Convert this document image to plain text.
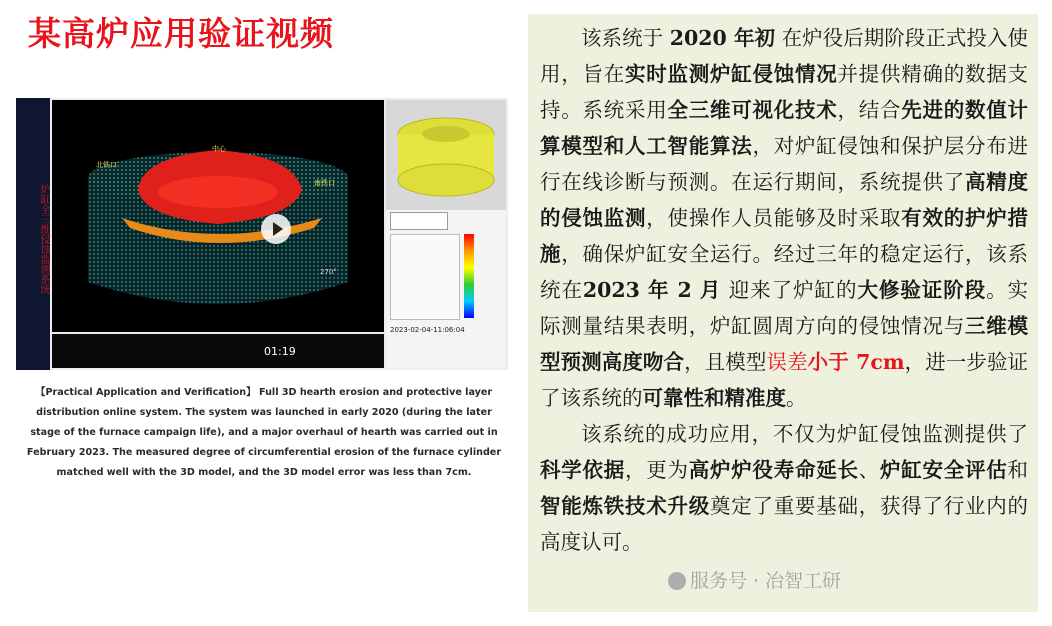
某高炉应用验证视频
炉缸全三维侵蚀监测系统
中心
北铁口
南铁口
270°
2023-02-04-11:06:04
01:19
【Practical Application and Verification】 Full 3D hearth erosion and protective layer distribution online system. The system was launched in early 2020 (during the later stage of the furnace campaign life), and a major overhaul of hearth was carried out in February 2023. The measured degree of circumferential erosion of the furnace cylinder matched well with the 3D model, and the 3D model error was less than 7cm.

该系统于 2020 年初 在炉役后期阶段正式投入使用，旨在实时监测炉缸侵蚀情况并提供精确的数据支持。系统采用全三维可视化技术，结合先进的数值计算模型和人工智能算法，对炉缸侵蚀和保护层分布进行在线诊断与预测。在运行期间，系统提供了高精度的侵蚀监测，使操作人员能够及时采取有效的护炉措施，确保炉缸安全运行。经过三年的稳定运行，该系统在2023 年 2 月 迎来了炉缸的大修验证阶段。实际测量结果表明，炉缸圆周方向的侵蚀情况与三维模型预测高度吻合，且模型误差小于 7cm，进一步验证了该系统的可靠性和精准度。

该系统的成功应用，不仅为炉缸侵蚀监测提供了科学依据，更为高炉炉役寿命延长、炉缸安全评估和智能炼铁技术升级奠定了重要基础，获得了行业内的高度认可。

服务号 · 冶智工研
